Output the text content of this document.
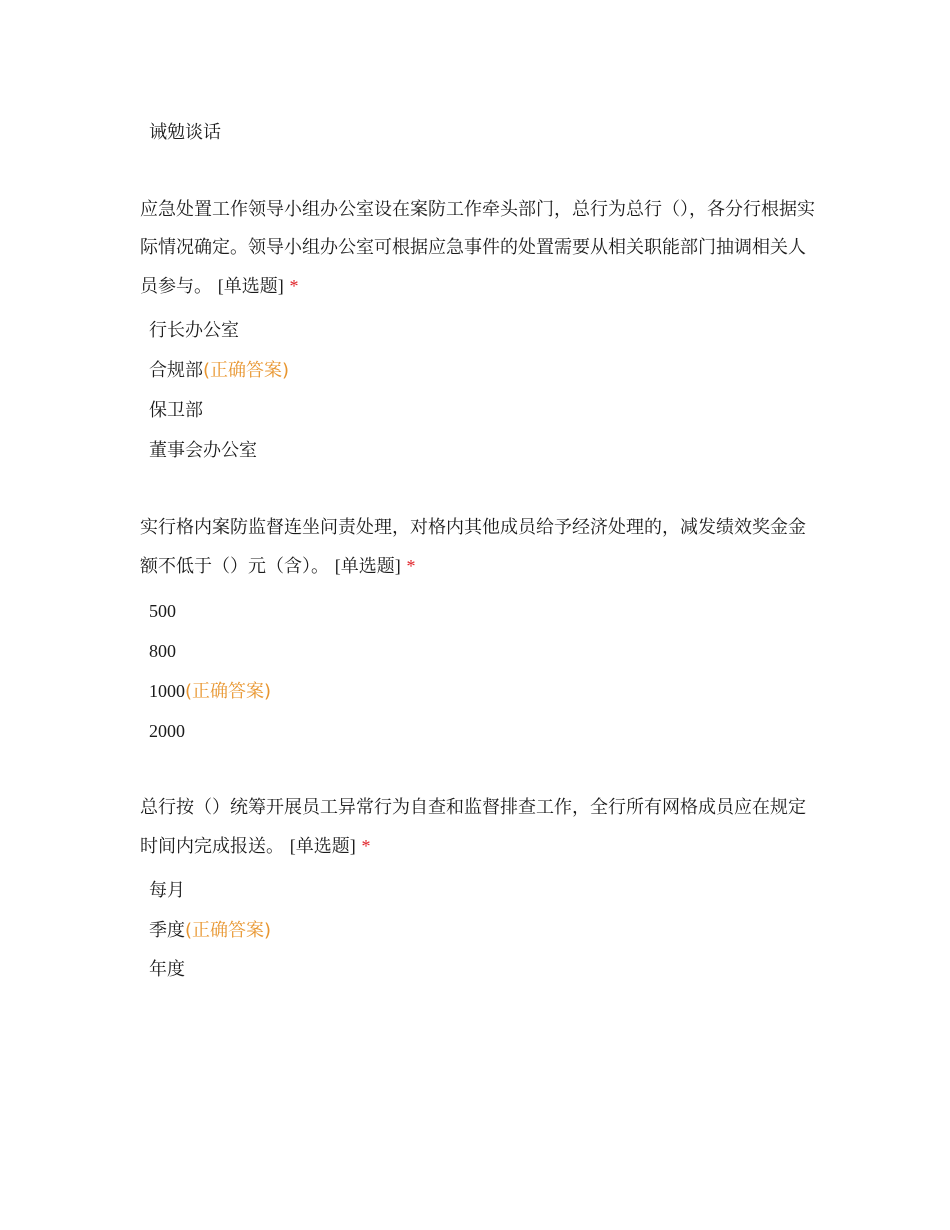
诫勉谈话
应急处置工作领导小组办公室设在案防工作牵头部门，总行为总行（），各分行根据实际情况确定。领导小组办公室可根据应急事件的处置需要从相关职能部门抽调相关人员参与。 [单选题] *
行长办公室
合规部(正确答案)
保卫部
董事会办公室
实行格内案防监督连坐问责处理，对格内其他成员给予经济处理的，减发绩效奖金金额不低于（）元（含）。 [单选题] *
500
800
1000(正确答案)
2000
总行按（）统筹开展员工异常行为自查和监督排查工作，全行所有网格成员应在规定时间内完成报送。 [单选题] *
每月
季度(正确答案)
年度
